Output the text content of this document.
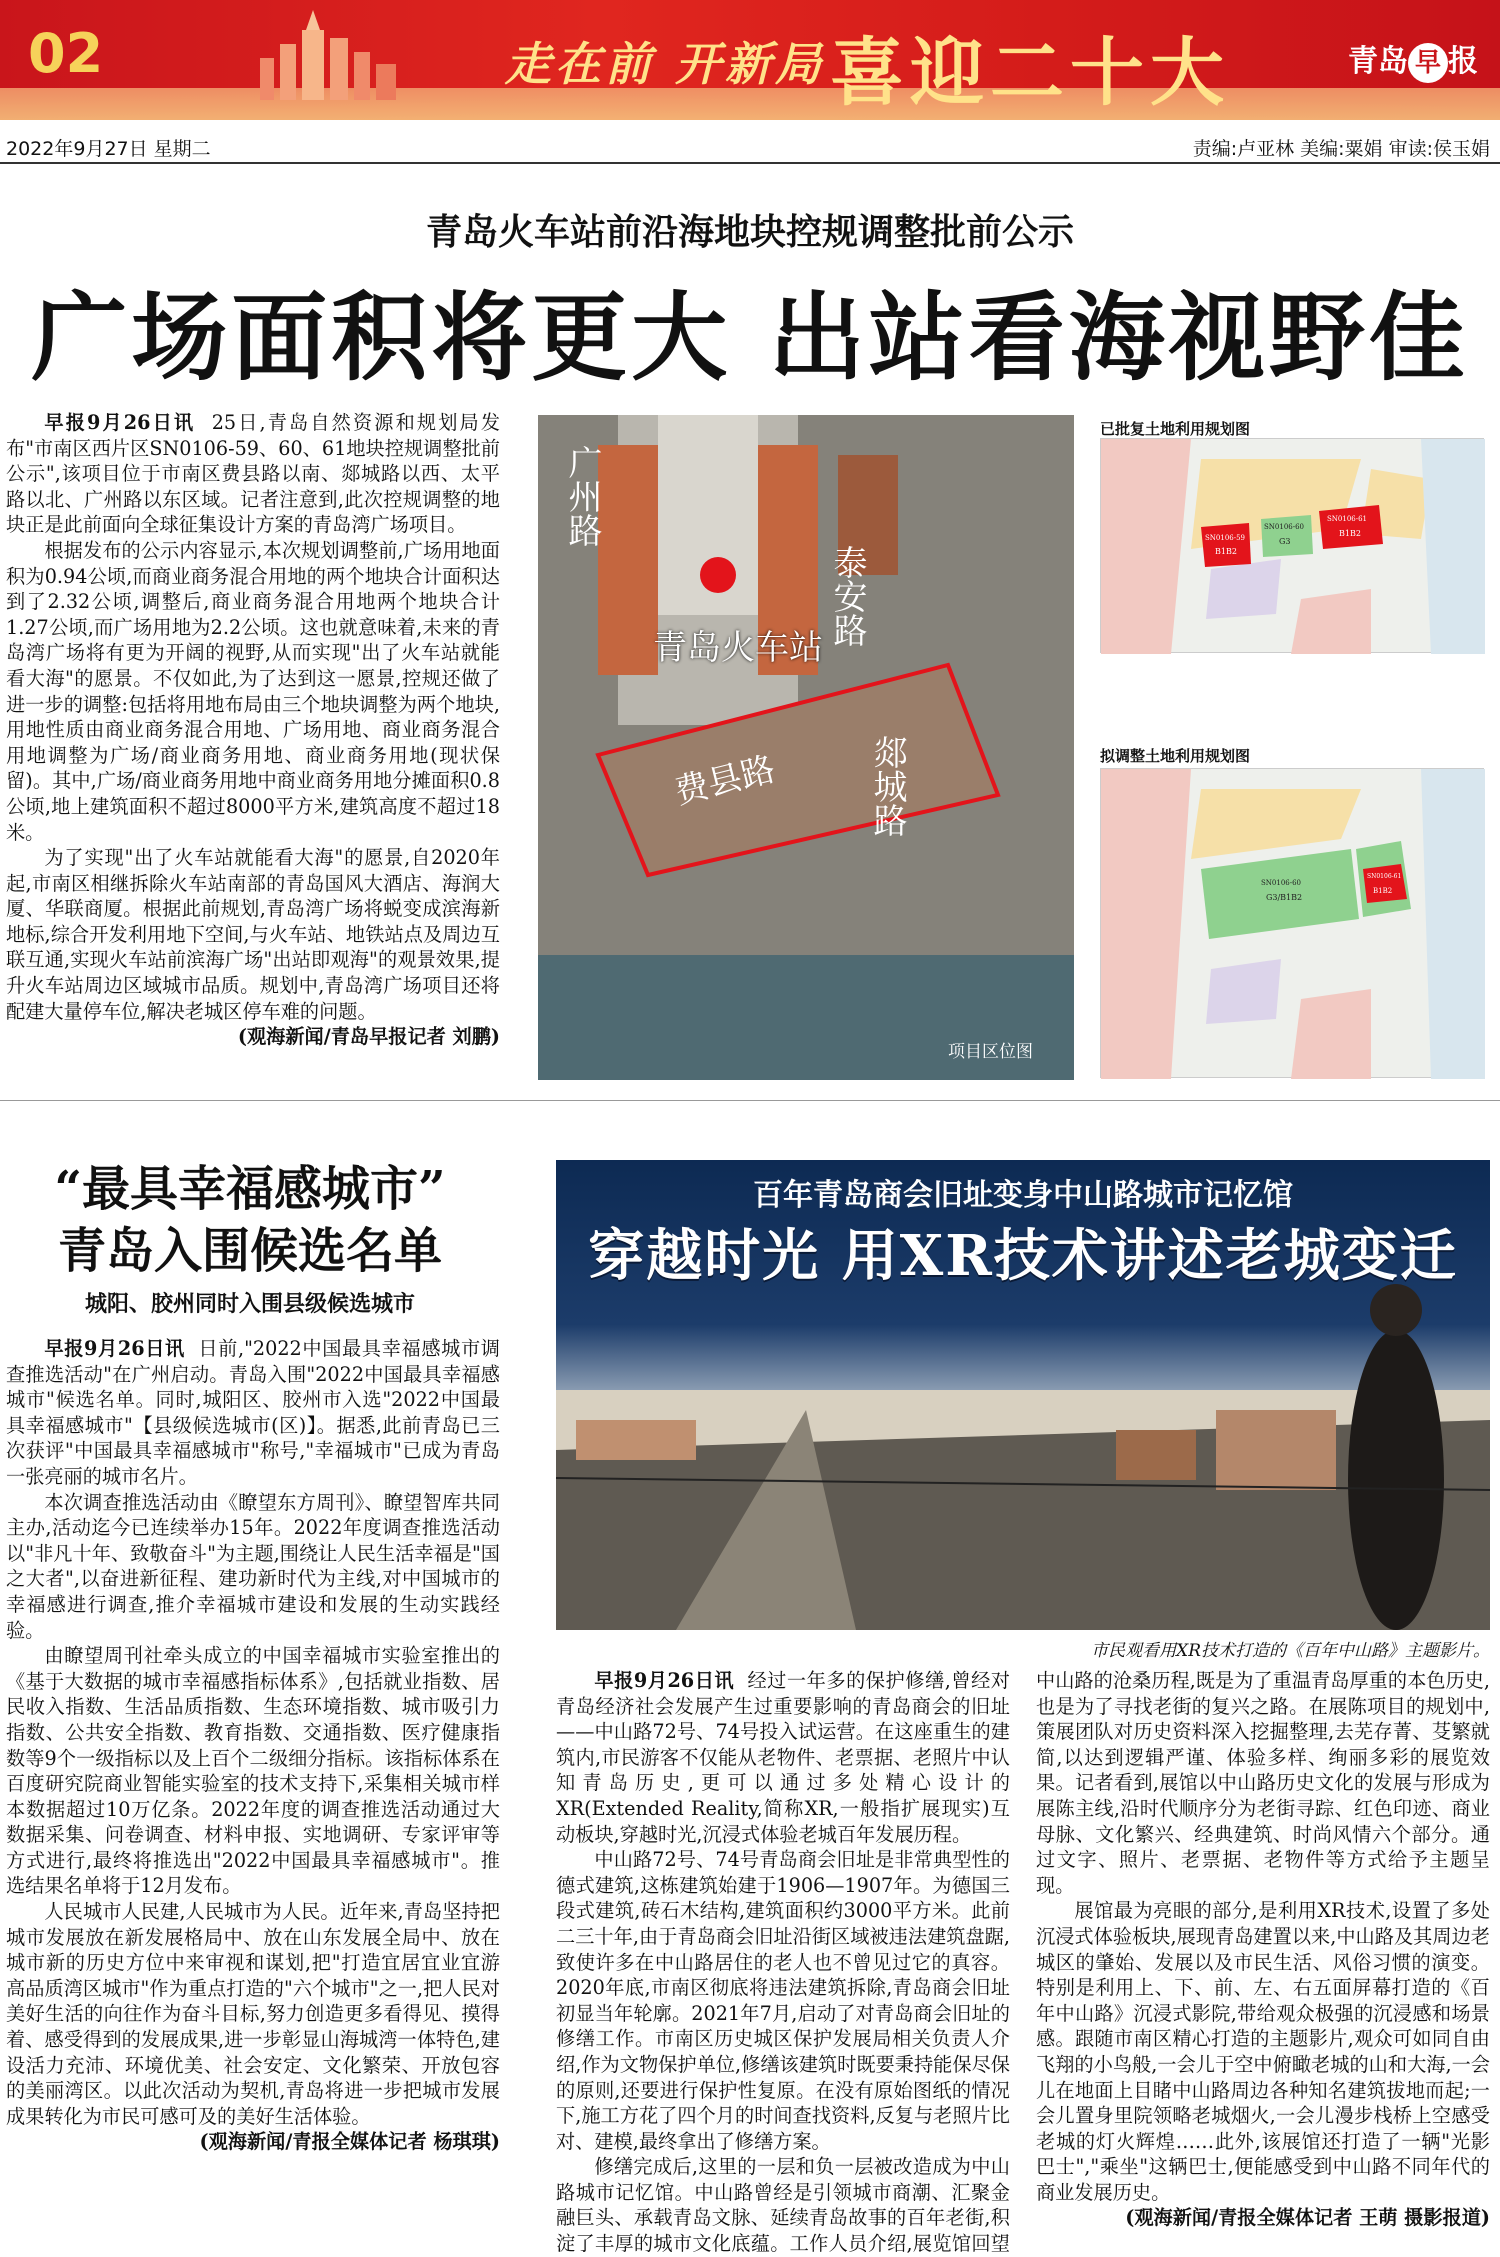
02	走在前 开新局 喜迎二十大	青岛 早 报
2022年9月27日 星期二	责编:卢亚林 美编:粟娟 审读:侯玉娟
青岛火车站前沿海地块控规调整批前公示
广场面积将更大 出站看海视野佳

早报9月26日讯 25日,青岛自然资源和规划局发布"市南区西片区SN0106-59、60、61地块控规调整批前公示",该项目位于市南区费县路以南、郯城路以西、太平路以北、广州路以东区域。记者注意到,此次控规调整的地块正是此前面向全球征集设计方案的青岛湾广场项目。

根据发布的公示内容显示,本次规划调整前,广场用地面积为0.94公顷,而商业商务混合用地的两个地块合计面积达到了2.32公顷,调整后,商业商务混合用地两个地块合计1.27公顷,而广场用地为2.2公顷。这也就意味着,未来的青岛湾广场将有更为开阔的视野,从而实现"出了火车站就能看大海"的愿景。不仅如此,为了达到这一愿景,控规还做了进一步的调整:包括将用地布局由三个地块调整为两个地块,用地性质由商业商务混合用地、广场用地、商业商务混合用地调整为广场/商业商务用地、商业商务用地(现状保留)。其中,广场/商业商务用地中商业商务用地分摊面积0.8公顷,地上建筑面积不超过8000平方米,建筑高度不超过18米。

为了实现"出了火车站就能看大海"的愿景,自2020年起,市南区相继拆除火车站南部的青岛国风大酒店、海润大厦、华联商厦。根据此前规划,青岛湾广场将蜕变成滨海新地标,综合开发利用地下空间,与火车站、地铁站点及周边互联互通,实现火车站前滨海广场"出站即观海"的观景效果,提升火车站周边区域城市品质。规划中,青岛湾广场项目还将配建大量停车位,解决老城区停车难的问题。

(观海新闻/青岛早报记者 刘鹏)
广州路
青岛火车站
泰安路
费县路	郯城路
项目区位图
已批复土地利用规划图
SN0106-59
B1B2
SN0106-60
G3
SN0106-61
B1B2
拟调整土地利用规划图
SN0106-60
G3/B1B2
SN0106-61
B1B2
“最具幸福感城市”
青岛入围候选名单
城阳、胶州同时入围县级候选城市

早报9月26日讯 日前,"2022中国最具幸福感城市调查推选活动"在广州启动。青岛入围"2022中国最具幸福感城市"候选名单。同时,城阳区、胶州市入选"2022中国最具幸福感城市"【县级候选城市(区)】。据悉,此前青岛已三次获评"中国最具幸福感城市"称号,"幸福城市"已成为青岛一张亮丽的城市名片。

本次调查推选活动由《瞭望东方周刊》、瞭望智库共同主办,活动迄今已连续举办15年。2022年度调查推选活动以"非凡十年、致敬奋斗"为主题,围绕让人民生活幸福是"国之大者",以奋进新征程、建功新时代为主线,对中国城市的幸福感进行调查,推介幸福城市建设和发展的生动实践经验。

由瞭望周刊社牵头成立的中国幸福城市实验室推出的《基于大数据的城市幸福感指标体系》,包括就业指数、居民收入指数、生活品质指数、生态环境指数、城市吸引力指数、公共安全指数、教育指数、交通指数、医疗健康指数等9个一级指标以及上百个二级细分指标。该指标体系在百度研究院商业智能实验室的技术支持下,采集相关城市样本数据超过10万亿条。2022年度的调查推选活动通过大数据采集、问卷调查、材料申报、实地调研、专家评审等方式进行,最终将推选出"2022中国最具幸福感城市"。推选结果名单将于12月发布。

人民城市人民建,人民城市为人民。近年来,青岛坚持把城市发展放在新发展格局中、放在山东发展全局中、放在城市新的历史方位中来审视和谋划,把"打造宜居宜业宜游高品质湾区城市"作为重点打造的"六个城市"之一,把人民对美好生活的向往作为奋斗目标,努力创造更多看得见、摸得着、感受得到的发展成果,进一步彰显山海城湾一体特色,建设活力充沛、环境优美、社会安定、文化繁荣、开放包容的美丽湾区。以此次活动为契机,青岛将进一步把城市发展成果转化为市民可感可及的美好生活体验。

(观海新闻/青报全媒体记者 杨琪琪)
百年青岛商会旧址变身中山路城市记忆馆
穿越时光 用XR技术讲述老城变迁
市民观看用XR技术打造的《百年中山路》主题影片。

早报9月26日讯 经过一年多的保护修缮,曾经对青岛经济社会发展产生过重要影响的青岛商会的旧址——中山路72号、74号投入试运营。在这座重生的建筑内,市民游客不仅能从老物件、老票据、老照片中认知青岛历史,更可以通过多处精心设计的XR(Extended Reality,简称XR,一般指扩展现实)互动板块,穿越时光,沉浸式体验老城百年发展历程。

中山路72号、74号青岛商会旧址是非常典型性的德式建筑,这栋建筑始建于1906—1907年。为德国三段式建筑,砖石木结构,建筑面积约3000平方米。此前二三十年,由于青岛商会旧址沿街区域被违法建筑盘踞,致使许多在中山路居住的老人也不曾见过它的真容。2020年底,市南区彻底将违法建筑拆除,青岛商会旧址初显当年轮廓。2021年7月,启动了对青岛商会旧址的修缮工作。市南区历史城区保护发展局相关负责人介绍,作为文物保护单位,修缮该建筑时既要秉持能保尽保的原则,还要进行保护性复原。在没有原始图纸的情况下,施工方花了四个月的时间查找资料,反复与老照片比对、建模,最终拿出了修缮方案。

修缮完成后,这里的一层和负一层被改造成为中山路城市记忆馆。中山路曾经是引领城市商潮、汇聚金融巨头、承载青岛文脉、延续青岛故事的百年老街,积淀了丰厚的城市文化底蕴。工作人员介绍,展览馆回望中山路的沧桑历程,既是为了重温青岛厚重的本色历史,也是为了寻找老街的复兴之路。在展陈项目的规划中,策展团队对历史资料深入挖掘整理,去芜存菁、芟繁就简,以达到逻辑严谨、体验多样、绚丽多彩的展览效果。记者看到,展馆以中山路历史文化的发展与形成为展陈主线,沿时代顺序分为老街寻踪、红色印迹、商业母脉、文化繁兴、经典建筑、时尚风情六个部分。通过文字、照片、老票据、老物件等方式给予主题呈现。

展馆最为亮眼的部分,是利用XR技术,设置了多处沉浸式体验板块,展现青岛建置以来,中山路及其周边老城区的肇始、发展以及市民生活、风俗习惯的演变。特别是利用上、下、前、左、右五面屏幕打造的《百年中山路》沉浸式影院,带给观众极强的沉浸感和场景感。跟随市南区精心打造的主题影片,观众可如同自由飞翔的小鸟般,一会儿于空中俯瞰老城的山和大海,一会儿在地面上目睹中山路周边各种知名建筑拔地而起;一会儿置身里院领略老城烟火,一会儿漫步栈桥上空感受老城的灯火辉煌……此外,该展馆还打造了一辆"光影巴士","乘坐"这辆巴士,便能感受到中山路不同年代的商业发展历史。

(观海新闻/青报全媒体记者 王萌 摄影报道)
